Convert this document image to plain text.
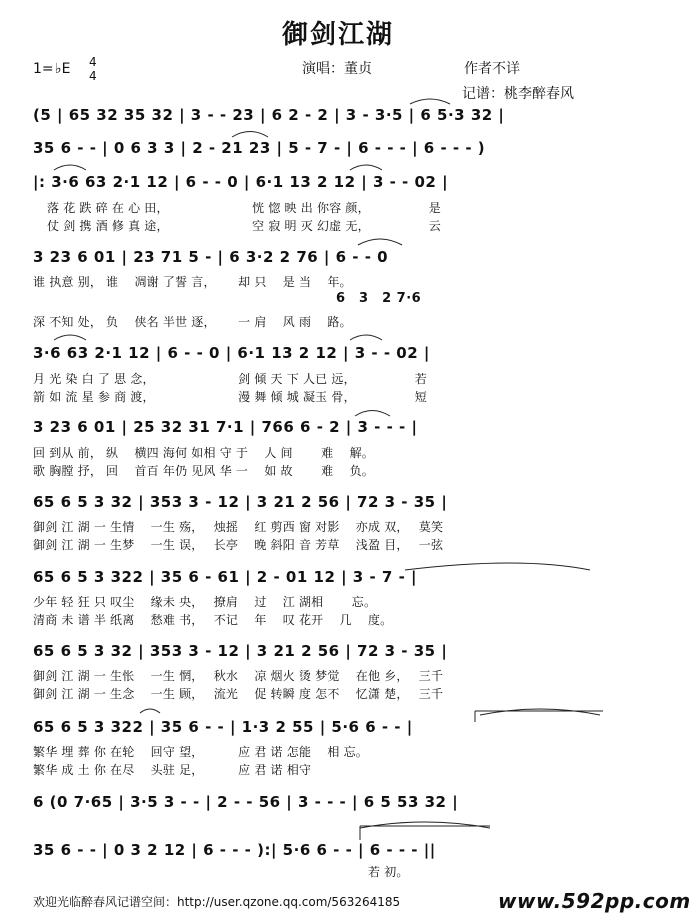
御剑江湖
1= ♭E 4
4	演唱：董贞	作者不详
记谱：桃李醉春风
(5 | 65 32 35 32 | 3 - - 23 | 6 2 - 2 | 3 - 3·5 | 6 5·3 32 |
35 6 - - | 0 6 3 3 | 2 - 21 23 | 5 - 7 - | 6 - - - | 6 - - - )
|: 3·6 63 2·1 12 | 6 - - 0 | 6·1 13 2 12 | 3 - - 02 |
落 花 跌 碎 在 心 田，　　　　　　　 恍 惚 映 出 你容 颜，　　　　　 是
仗 剑 携 酒 修 真 途，　　　　　　　 空 寂 明 灭 幻虚 无，　　　　　 云
3 23 6 01 | 23 71 5 - | 6 3·2 2 76 | 6 - - 0
谁 执意 别， 谁　 凋谢 了誓 言，　　 却 只　 是 当　 年。
6　3　2 7·6
深 不知 处， 负　 侠名 半世 逐，　　 一 肩　 风 雨　 路。
3·6 63 2·1 12 | 6 - - 0 | 6·1 13 2 12 | 3 - - 02 |
月 光 染 白 了 思 念，　　　　　　　 剑 倾 天 下 人已 远，　　　　　 若
箭 如 流 星 参 商 渡，　　　　　　　 漫 舞 倾 城 凝玉 骨，　　　　　 短
3 23 6 01 | 25 32 31 7·1 | 766 6 - 2 | 3 - - - |
回 到从 前， 纵　 横四 海何 如相 守 于　 人 间　　 难　 解。
歌 胸膛 抒， 回　 首百 年仍 见风 华 一　 如 故　　 难　 负。
65 6 5 3 32 | 353 3 - 12 | 3 21 2 56 | 72 3 - 35 |
御剑 江 湖 一 生情　 一生 殇，　 烛摇　 红 剪西 窗 对影　 亦成 双，　 莫笑
御剑 江 湖 一 生梦　 一生 误，　 长亭　 晚 斜阳 音 芳草　 浅盈 目，　 一弦
65 6 5 3 322 | 35 6 - 61 | 2 - 01 12 | 3 - 7 - |
少年 轻 狂 只 叹尘　 缘未 央，　 撩肩　 过　 江 湖相　　 忘。
清商 未 谱 半 纸离　 愁难 书，　 不记　 年　 叹 花开　 几　 度。
65 6 5 3 32 | 353 3 - 12 | 3 21 2 56 | 72 3 - 35 |
御剑 江 湖 一 生怅　 一生 惘，　 秋水　 凉 烟火 烫 梦觉　 在他 乡，　 三千
御剑 江 湖 一 生念　 一生 顾，　 流光　 促 转瞬 度 怎不　 忆潇 楚，　 三千
65 6 5 3 322 | 35 6 - - | 1·3 2 55 | 5·6 6 - - |
繁华 埋 葬 你 在轮　 回守 望，　　　 应 君 诺 怎能　 相 忘。
繁华 成 土 你 在尽　 头驻 足，　　　 应 君 诺 相守
6 (0 7·65 | 3·5 3 - - | 2 - - 56 | 3 - - - | 6 5 53 32 |
35 6 - - | 0 3 2 12 | 6 - - - ):| 5·6 6 - - | 6 - - - ||
若 初。
欢迎光临醉春风记谱空间：http://user.qzone.qq.com/563264185	www.592pp.com
